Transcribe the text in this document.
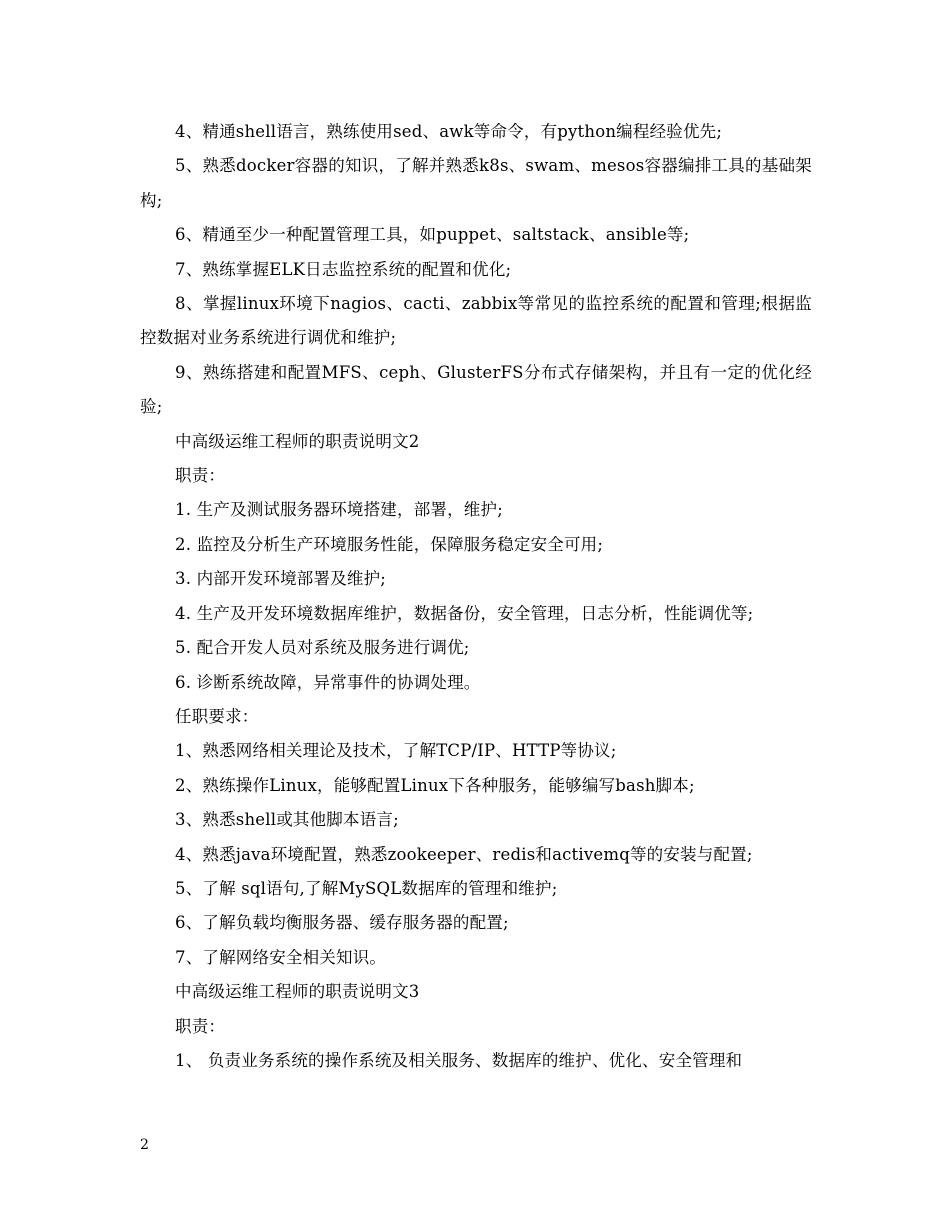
4、精通shell语言，熟练使用sed、awk等命令，有python编程经验优先;

5、熟悉docker容器的知识，了解并熟悉k8s、swam、mesos容器编排工具的基础架构;

6、精通至少一种配置管理工具，如puppet、saltstack、ansible等;

7、熟练掌握ELK日志监控系统的配置和优化;

8、掌握linux环境下nagios、cacti、zabbix等常见的监控系统的配置和管理;根据监控数据对业务系统进行调优和维护;

9、熟练搭建和配置MFS、ceph、GlusterFS分布式存储架构，并且有一定的优化经验;

中高级运维工程师的职责说明文2

职责：

1. 生产及测试服务器环境搭建，部署，维护;

2. 监控及分析生产环境服务性能，保障服务稳定安全可用;

3. 内部开发环境部署及维护;

4. 生产及开发环境数据库维护，数据备份，安全管理，日志分析，性能调优等;

5. 配合开发人员对系统及服务进行调优;

6. 诊断系统故障，异常事件的协调处理。

任职要求：

1、熟悉网络相关理论及技术，了解TCP/IP、HTTP等协议;

2、熟练操作Linux，能够配置Linux下各种服务，能够编写bash脚本;

3、熟悉shell或其他脚本语言;

4、熟悉java环境配置，熟悉zookeeper、redis和activemq等的安装与配置;

5、了解 sql语句,了解MySQL数据库的管理和维护;

6、了解负载均衡服务器、缓存服务器的配置;

7、了解网络安全相关知识。

中高级运维工程师的职责说明文3

职责：

1、 负责业务系统的操作系统及相关服务、数据库的维护、优化、安全管理和

2
